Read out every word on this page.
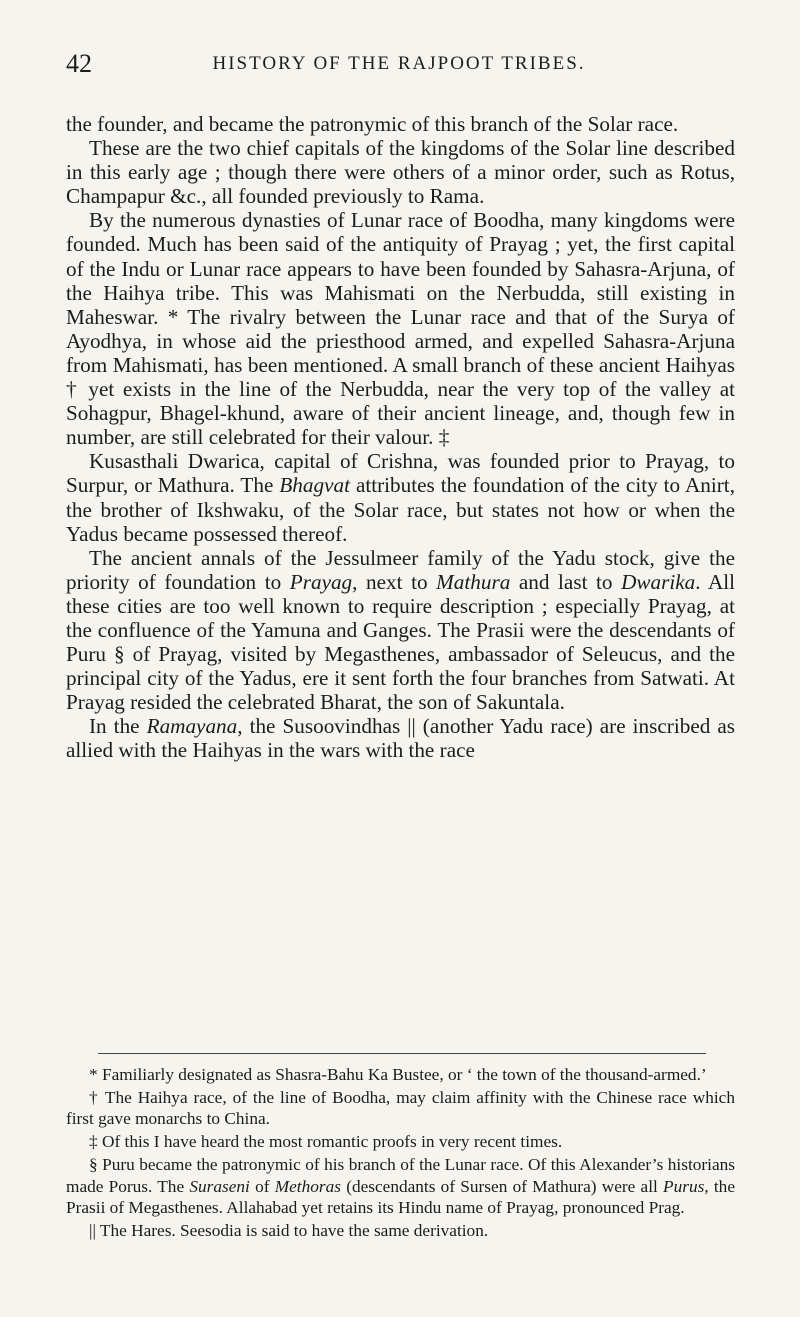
42	HISTORY OF THE RAJPOOT TRIBES.

the founder, and became the patronymic of this branch of the Solar race.

These are the two chief capitals of the kingdoms of the Solar line described in this early age ; though there were others of a minor order, such as Rotus, Champapur &c., all founded previously to Rama.

By the numerous dynasties of Lunar race of Boodha, many kingdoms were founded. Much has been said of the antiquity of Prayag ; yet, the first capital of the Indu or Lunar race appears to have been founded by Sahasra-Arjuna, of the Haihya tribe. This was Mahismati on the Nerbudda, still existing in Maheswar. * The rivalry between the Lunar race and that of the Surya of Ayodhya, in whose aid the priesthood armed, and expelled Sahasra-Arjuna from Mahismati, has been mentioned. A small branch of these ancient Haihyas † yet exists in the line of the Nerbudda, near the very top of the valley at Sohagpur, Bhagel-khund, aware of their ancient lineage, and, though few in number, are still celebrated for their valour. ‡

Kusasthali Dwarica, capital of Crishna, was founded prior to Prayag, to Surpur, or Mathura. The Bhagvat attributes the foundation of the city to Anirt, the brother of Ikshwaku, of the Solar race, but states not how or when the Yadus became possessed thereof.

The ancient annals of the Jessulmeer family of the Yadu stock, give the priority of foundation to Prayag, next to Mathura and last to Dwarika. All these cities are too well known to require description ; especially Prayag, at the confluence of the Yamuna and Ganges. The Prasii were the descendants of Puru § of Prayag, visited by Megasthenes, ambassador of Seleucus, and the principal city of the Yadus, ere it sent forth the four branches from Satwati. At Prayag resided the celebrated Bharat, the son of Sakuntala.

In the Ramayana, the Susoovindhas || (another Yadu race) are inscribed as allied with the Haihyas in the wars with the race

* Familiarly designated as Shasra-Bahu Ka Bustee, or ‘ the town of the thousand-armed.’

† The Haihya race, of the line of Boodha, may claim affinity with the Chinese race which first gave monarchs to China.

‡ Of this I have heard the most romantic proofs in very recent times.

§ Puru became the patronymic of his branch of the Lunar race. Of this Alexander’s historians made Porus. The Suraseni of Methoras (descendants of Sursen of Mathura) were all Purus, the Prasii of Megasthenes. Allahabad yet retains its Hindu name of Prayag, pronounced Prag.

|| The Hares. Seesodia is said to have the same derivation.
